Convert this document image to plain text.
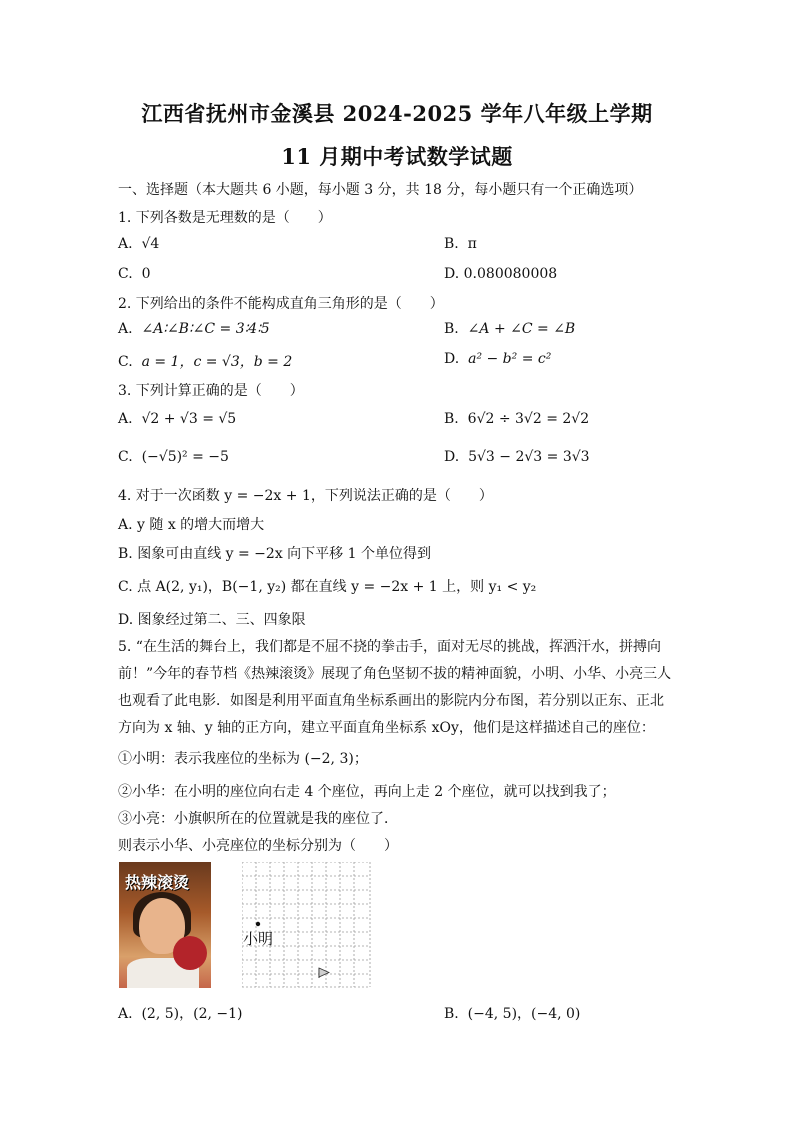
江西省抚州市金溪县 2024-2025 学年八年级上学期
11 月期中考试数学试题
一、选择题（本大题共 6 小题，每小题 3 分，共 18 分，每小题只有一个正确选项）
1. 下列各数是无理数的是（　　）
A. √4	B. π
C. 0	D. 0.080080008
2. 下列给出的条件不能构成直角三角形的是（　　）
A. ∠A∶∠B∶∠C = 3∶4∶5	B. ∠A + ∠C = ∠B
C. a = 1，c = √3，b = 2	D. a² − b² = c²
3. 下列计算正确的是（　　）
A. √2 + √3 = √5	B. 6√2 ÷ 3√2 = 2√2
C. (−√5)² = −5	D. 5√3 − 2√3 = 3√3
4. 对于一次函数 y = −2x + 1，下列说法正确的是（　　）
A. y 随 x 的增大而增大
B. 图象可由直线 y = −2x 向下平移 1 个单位得到
C. 点 A(2, y₁)，B(−1, y₂) 都在直线 y = −2x + 1 上，则 y₁ < y₂
D. 图象经过第二、三、四象限
5. “在生活的舞台上，我们都是不屈不挠的拳击手，面对无尽的挑战，挥洒汗水，拼搏向
前！”今年的春节档《热辣滚烫》展现了角色坚韧不拔的精神面貌，小明、小华、小亮三人
也观看了此电影．如图是利用平面直角坐标系画出的影院内分布图，若分别以正东、正北
方向为 x 轴、y 轴的正方向，建立平面直角坐标系 xOy，他们是这样描述自己的座位：
①小明：表示我座位的坐标为 (−2, 3)；
②小华：在小明的座位向右走 4 个座位，再向上走 2 个座位，就可以找到我了；
③小亮：小旗帜所在的位置就是我的座位了．
则表示小华、小亮座位的坐标分别为（　　）
热辣滚烫
小明
A. (2, 5)，(2, −1)	B. (−4, 5)，(−4, 0)
